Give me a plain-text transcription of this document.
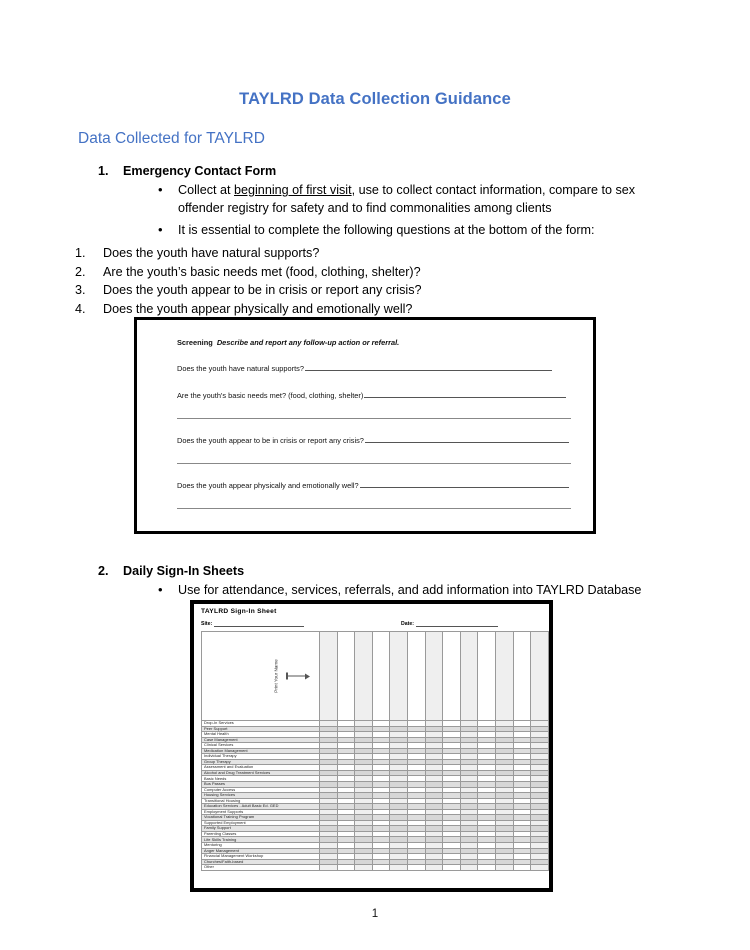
TAYLRD Data Collection Guidance
Data Collected for TAYLRD
1. Emergency Contact Form
• Collect at beginning of first visit, use to collect contact information, compare to sex offender registry for safety and to find commonalities among clients
• It is essential to complete the following questions at the bottom of the form:
1.	Does the youth have natural supports?
2.	Are the youth’s basic needs met (food, clothing, shelter)?
3.	Does the youth appear to be in crisis or report any crisis?
4.	Does the youth appear physically and emotionally well?
Screening Describe and report any follow-up action or referral.
Does the youth have natural supports?
Are the youth's basic needs met? (food, clothing, shelter)
Does the youth appear to be in crisis or report any crisis?
Does the youth appear physically and emotionally well?
2. Daily Sign-In Sheets
• Use for attendance, services, referrals, and add information into TAYLRD Database
TAYLRD Sign-In Sheet
Site:	Date:
Print Your Name													

Drop-In Services													
Peer Support													
Mental Health													
Case Management													
Clinical Services													
Medication Management													
Individual Therapy													
Group Therapy													
Assessment and Evaluation													
Alcohol and Drug Treatment Services													
Basic Needs													
Bus Passes													
Computer Access													
Housing Services													
Transitional Housing													
Education Services - Adult Basic Ed. GED													
Employment Supports													
Vocational Training Program													
Supported Employment													
Family Support													
Parenting Classes													
Life Skills Training													
Mentoring													
Anger Management													
Financial Management Workshop													
Churches/Faith-based													
Other													
1
